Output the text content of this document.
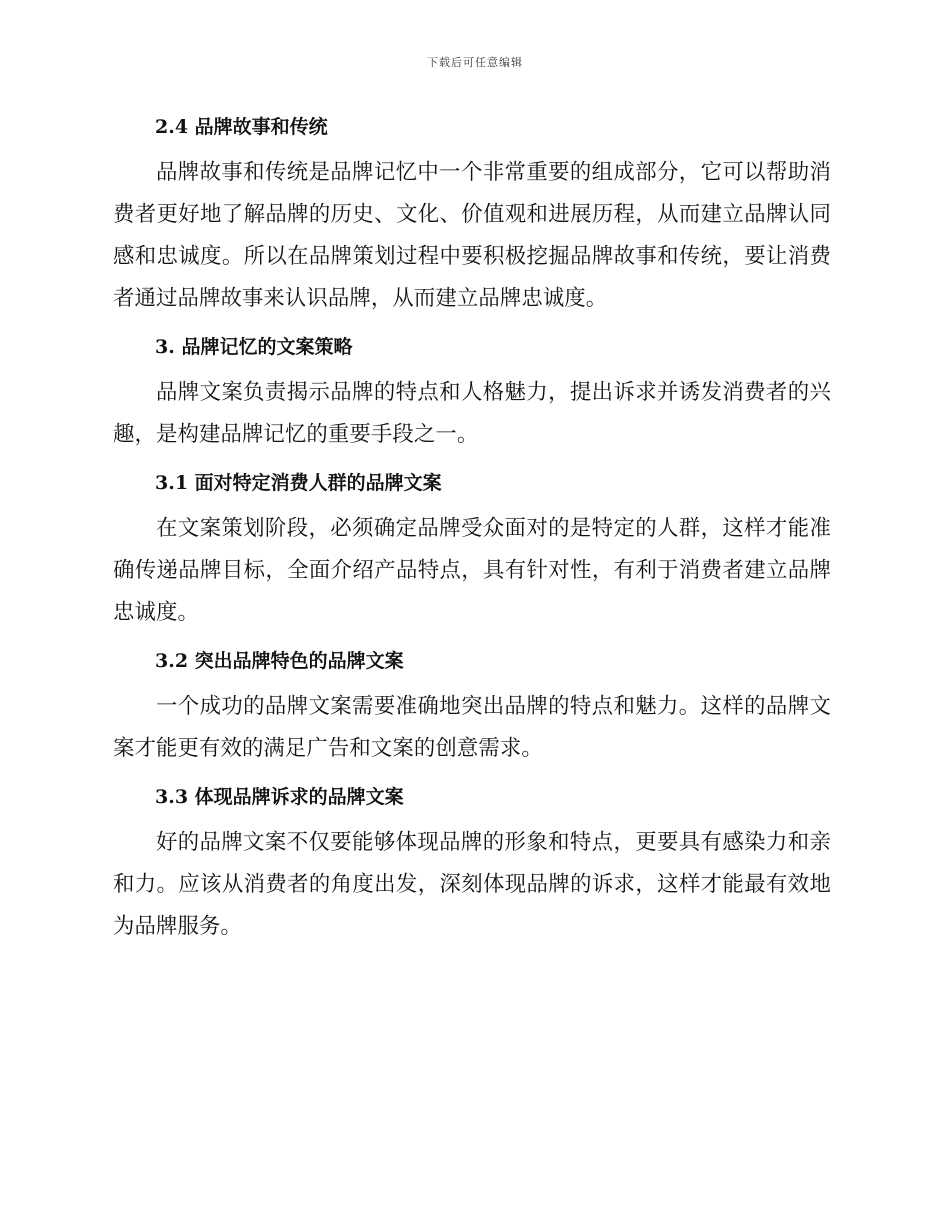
下载后可任意编辑
2.4 品牌故事和传统

品牌故事和传统是品牌记忆中一个非常重要的组成部分，它可以帮助消费者更好地了解品牌的历史、文化、价值观和进展历程，从而建立品牌认同感和忠诚度。所以在品牌策划过程中要积极挖掘品牌故事和传统，要让消费者通过品牌故事来认识品牌，从而建立品牌忠诚度。

3. 品牌记忆的文案策略

品牌文案负责揭示品牌的特点和人格魅力，提出诉求并诱发消费者的兴趣，是构建品牌记忆的重要手段之一。

3.1 面对特定消费人群的品牌文案

在文案策划阶段，必须确定品牌受众面对的是特定的人群，这样才能准确传递品牌目标，全面介绍产品特点，具有针对性，有利于消费者建立品牌忠诚度。

3.2 突出品牌特色的品牌文案

一个成功的品牌文案需要准确地突出品牌的特点和魅力。这样的品牌文案才能更有效的满足广告和文案的创意需求。

3.3 体现品牌诉求的品牌文案

好的品牌文案不仅要能够体现品牌的形象和特点，更要具有感染力和亲和力。应该从消费者的角度出发，深刻体现品牌的诉求，这样才能最有效地为品牌服务。
